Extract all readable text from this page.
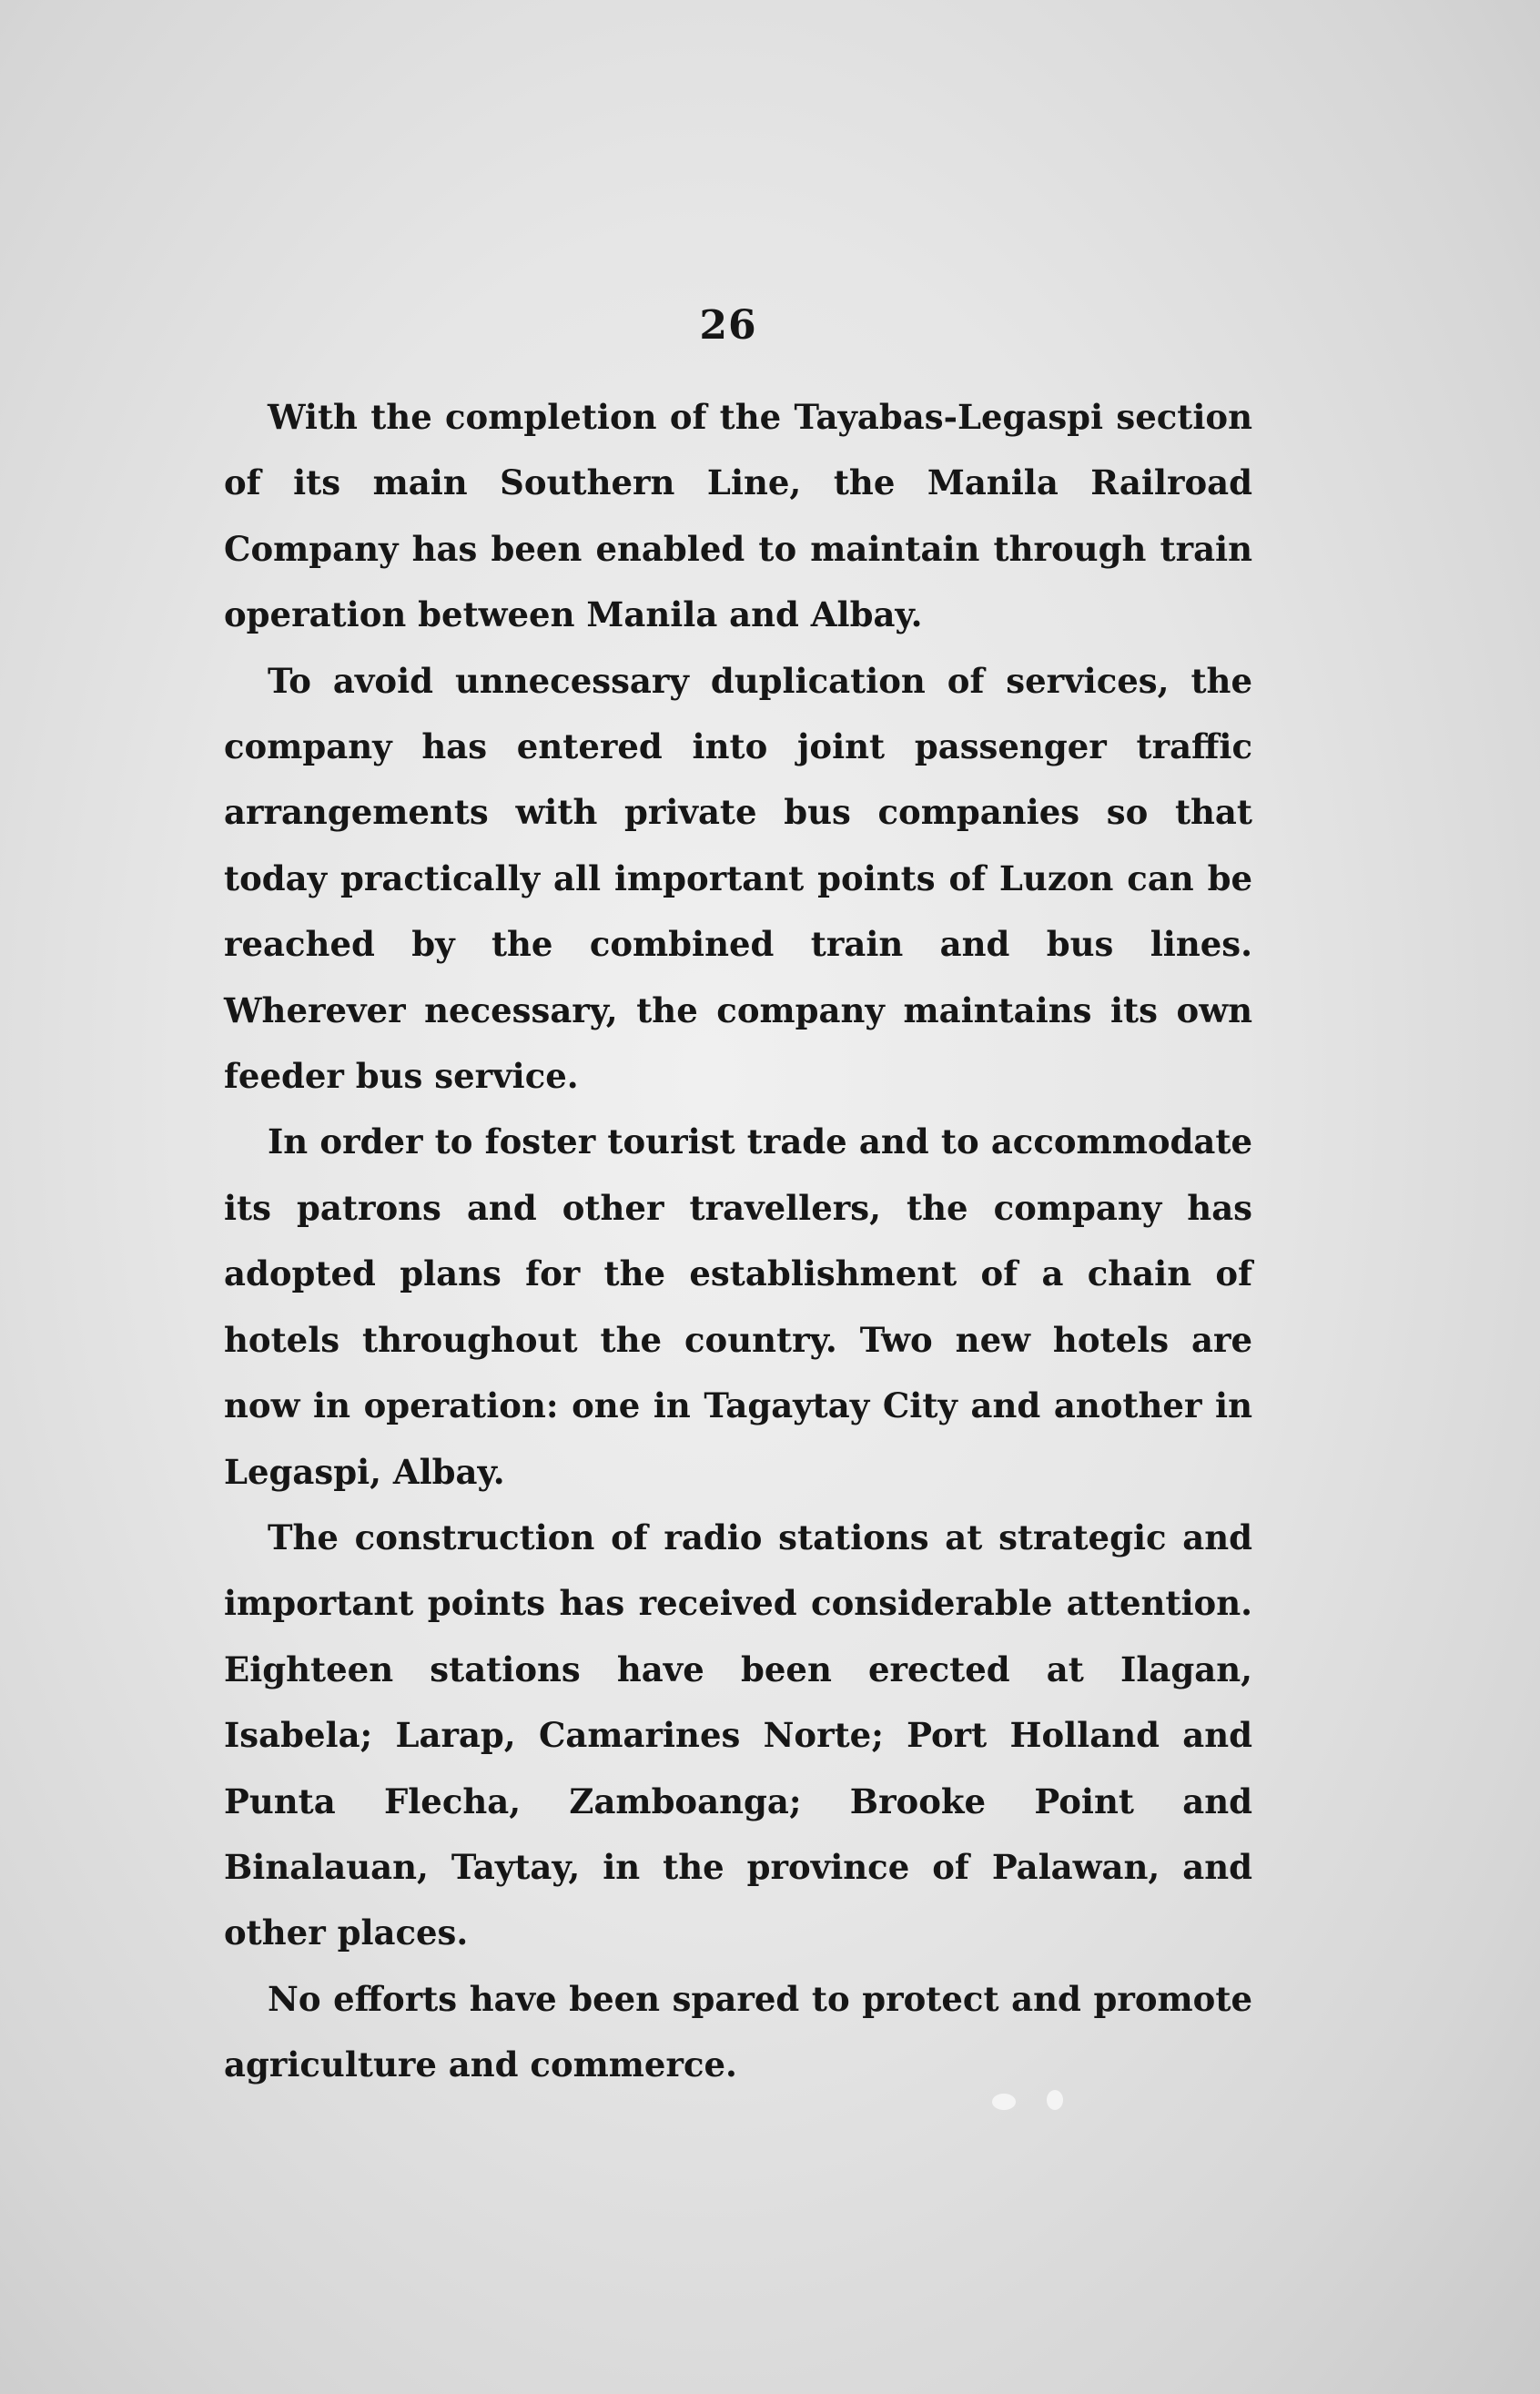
26

With the completion of the Tayabas-Legaspi section of its main Southern Line, the Manila Railroad Company has been enabled to maintain through train operation between Manila and Albay.

To avoid unnecessary duplication of services, the company has entered into joint passenger traffic arrangements with private bus companies so that today practically all important points of Luzon can be reached by the combined train and bus lines. Wherever necessary, the company maintains its own feeder bus service.

In order to foster tourist trade and to accommodate its patrons and other travellers, the company has adopted plans for the establishment of a chain of hotels throughout the country. Two new hotels are now in operation: one in Tagaytay City and another in Legaspi, Albay.

The construction of radio stations at strategic and important points has received considerable attention. Eighteen stations have been erected at Ilagan, Isabela; Larap, Camarines Norte; Port Holland and Punta Flecha, Zamboanga; Brooke Point and Binalauan, Taytay, in the province of Palawan, and other places.

No efforts have been spared to protect and promote agriculture and commerce.
